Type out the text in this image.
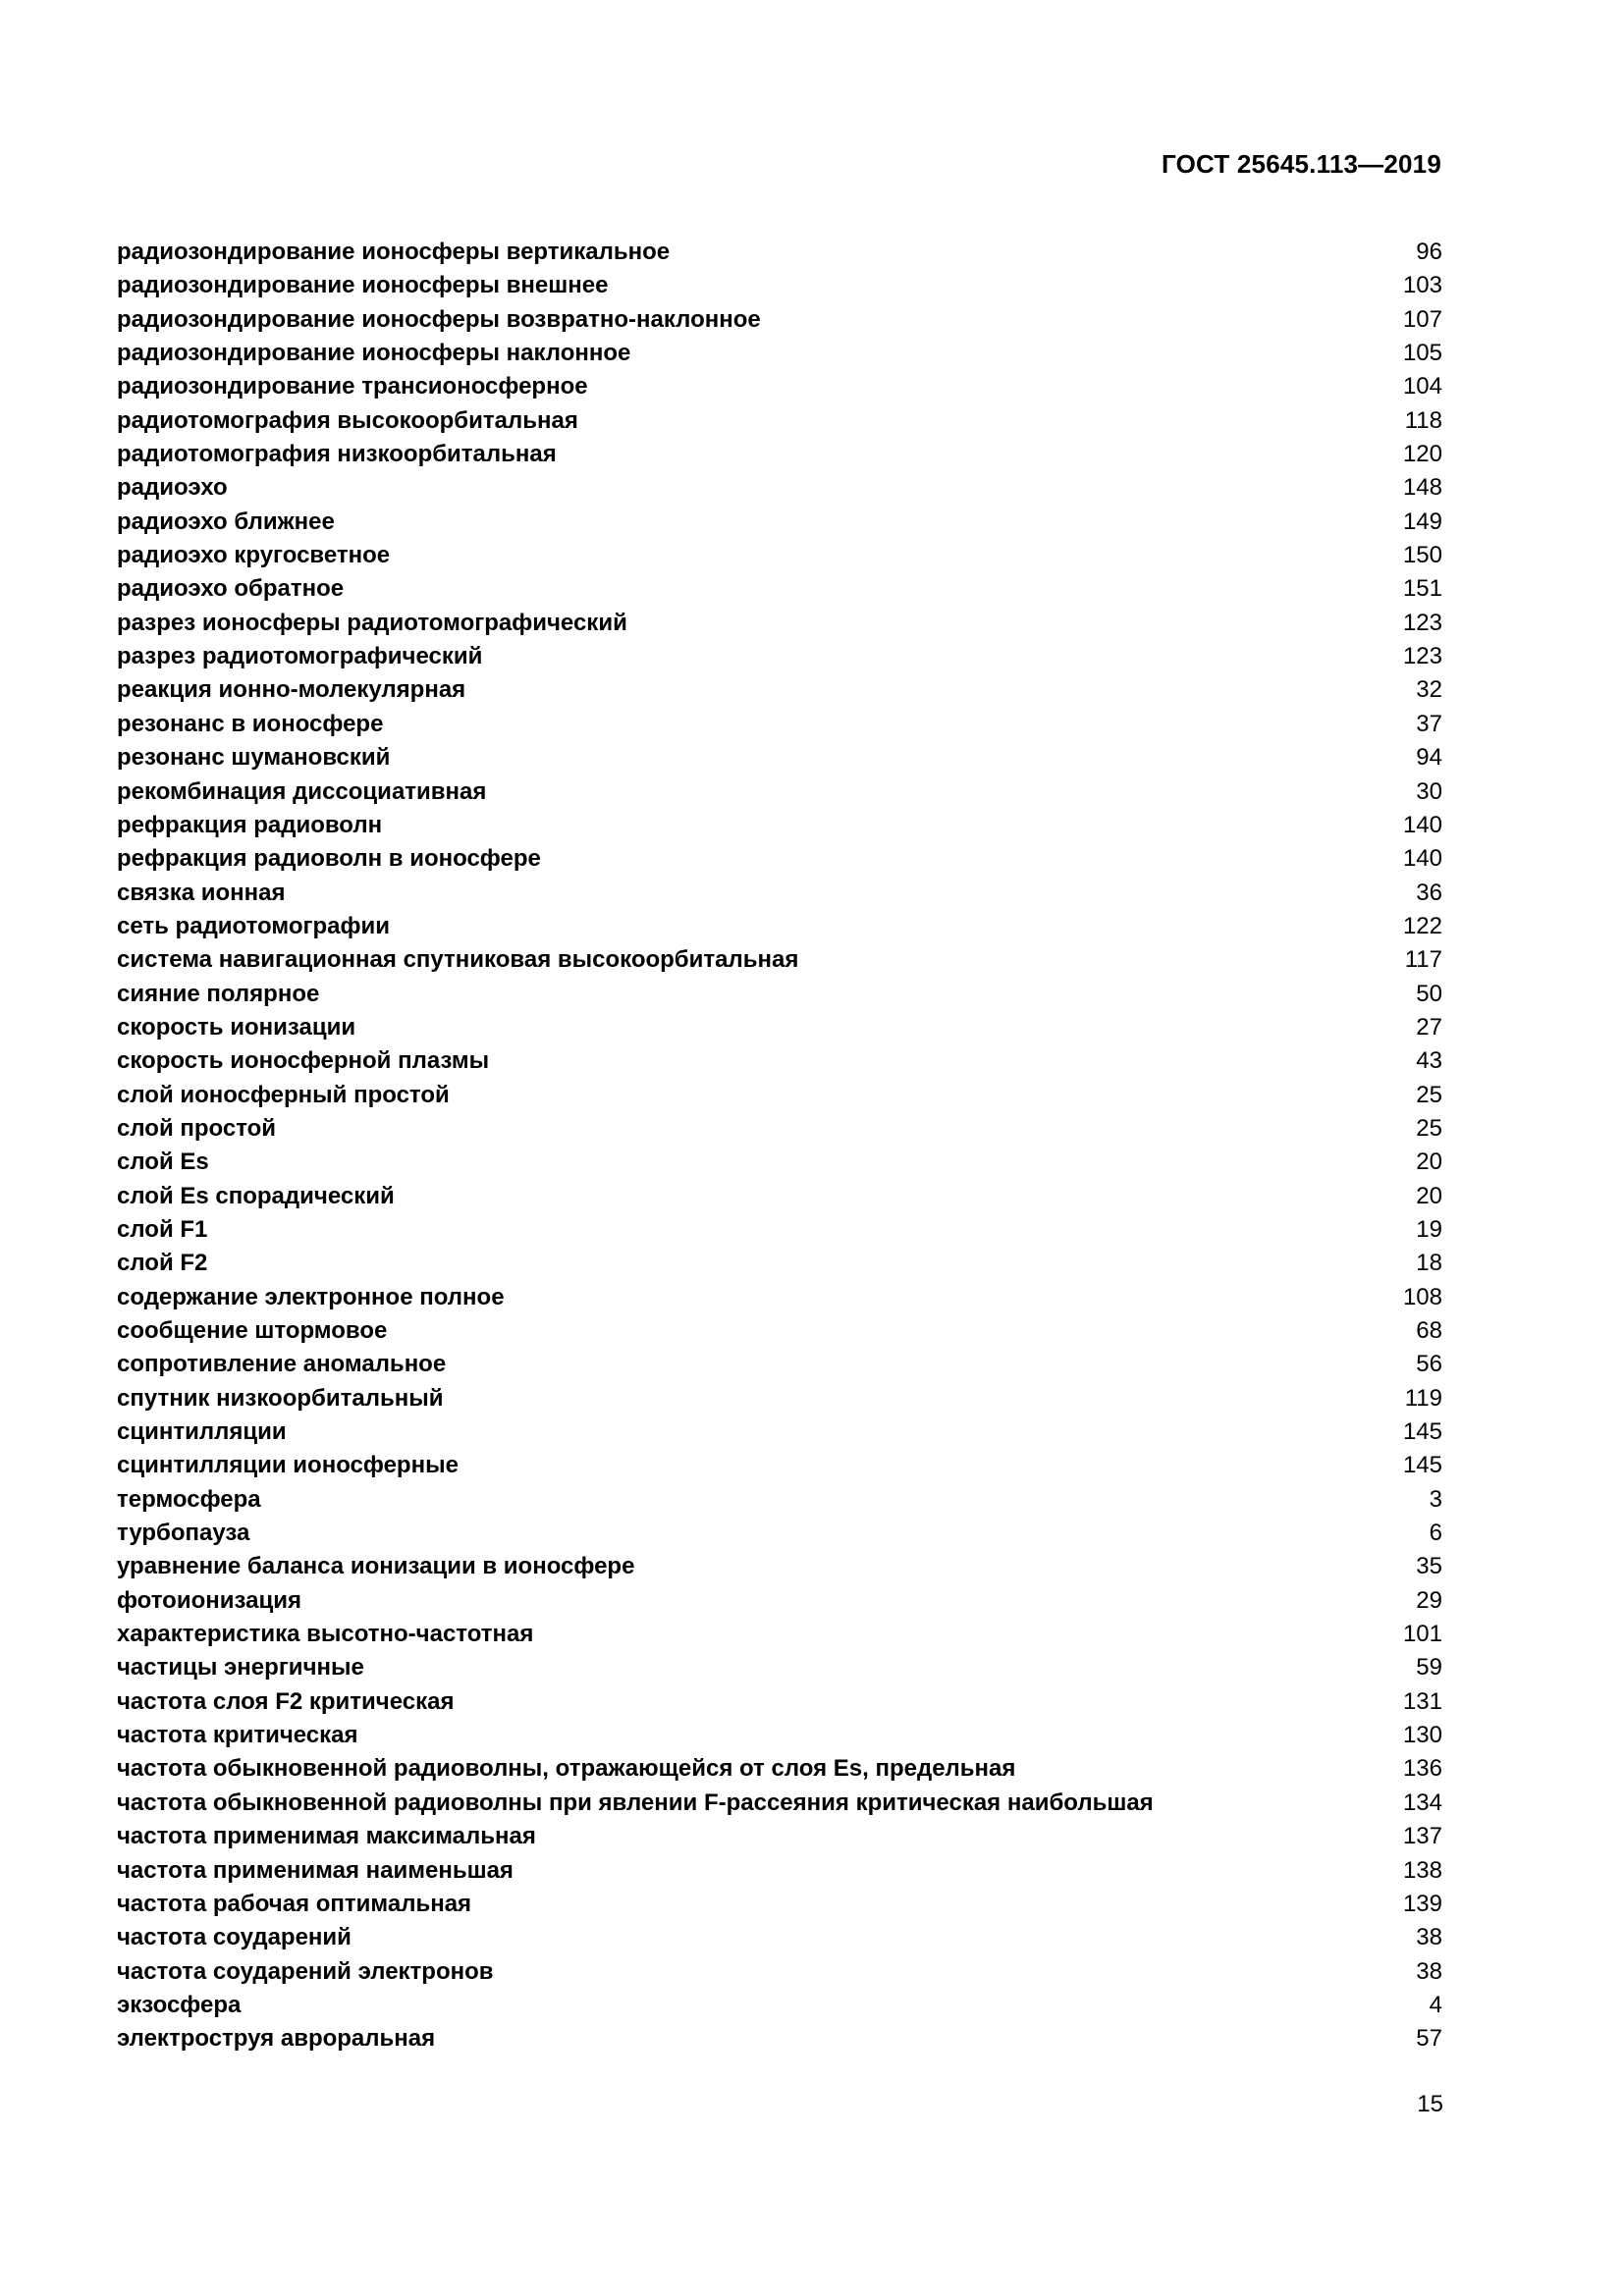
ГОСТ 25645.113—2019
радиозондирование ионосферы вертикальное	96
радиозондирование ионосферы внешнее	103
радиозондирование ионосферы возвратно-наклонное	107
радиозондирование ионосферы наклонное	105
радиозондирование трансионосферное	104
радиотомография высокоорбитальная	118
радиотомография низкоорбитальная	120
радиоэхо	148
радиоэхо ближнее	149
радиоэхо кругосветное	150
радиоэхо обратное	151
разрез ионосферы радиотомографический	123
разрез радиотомографический	123
реакция ионно-молекулярная	32
резонанс в ионосфере	37
резонанс шумановский	94
рекомбинация диссоциативная	30
рефракция радиоволн	140
рефракция радиоволн в ионосфере	140
связка ионная	36
сеть радиотомографии	122
система навигационная спутниковая высокоорбитальная	117
сияние полярное	50
скорость ионизации	27
скорость ионосферной плазмы	43
слой ионосферный простой	25
слой простой	25
слой Es	20
слой Es спорадический	20
слой F1	19
слой F2	18
содержание электронное полное	108
сообщение штормовое	68
сопротивление аномальное	56
спутник низкоорбитальный	119
сцинтилляции	145
сцинтилляции ионосферные	145
термосфера	3
турбопауза	6
уравнение баланса ионизации в ионосфере	35
фотоионизация	29
характеристика высотно-частотная	101
частицы энергичные	59
частота слоя F2 критическая	131
частота критическая	130
частота обыкновенной радиоволны, отражающейся от слоя Es, предельная	136
частота обыкновенной радиоволны при явлении F-рассеяния критическая наибольшая	134
частота применимая максимальная	137
частота применимая наименьшая	138
частота рабочая оптимальная	139
частота соударений	38
частота соударений электронов	38
экзосфера	4
электроструя авроральная	57
15
